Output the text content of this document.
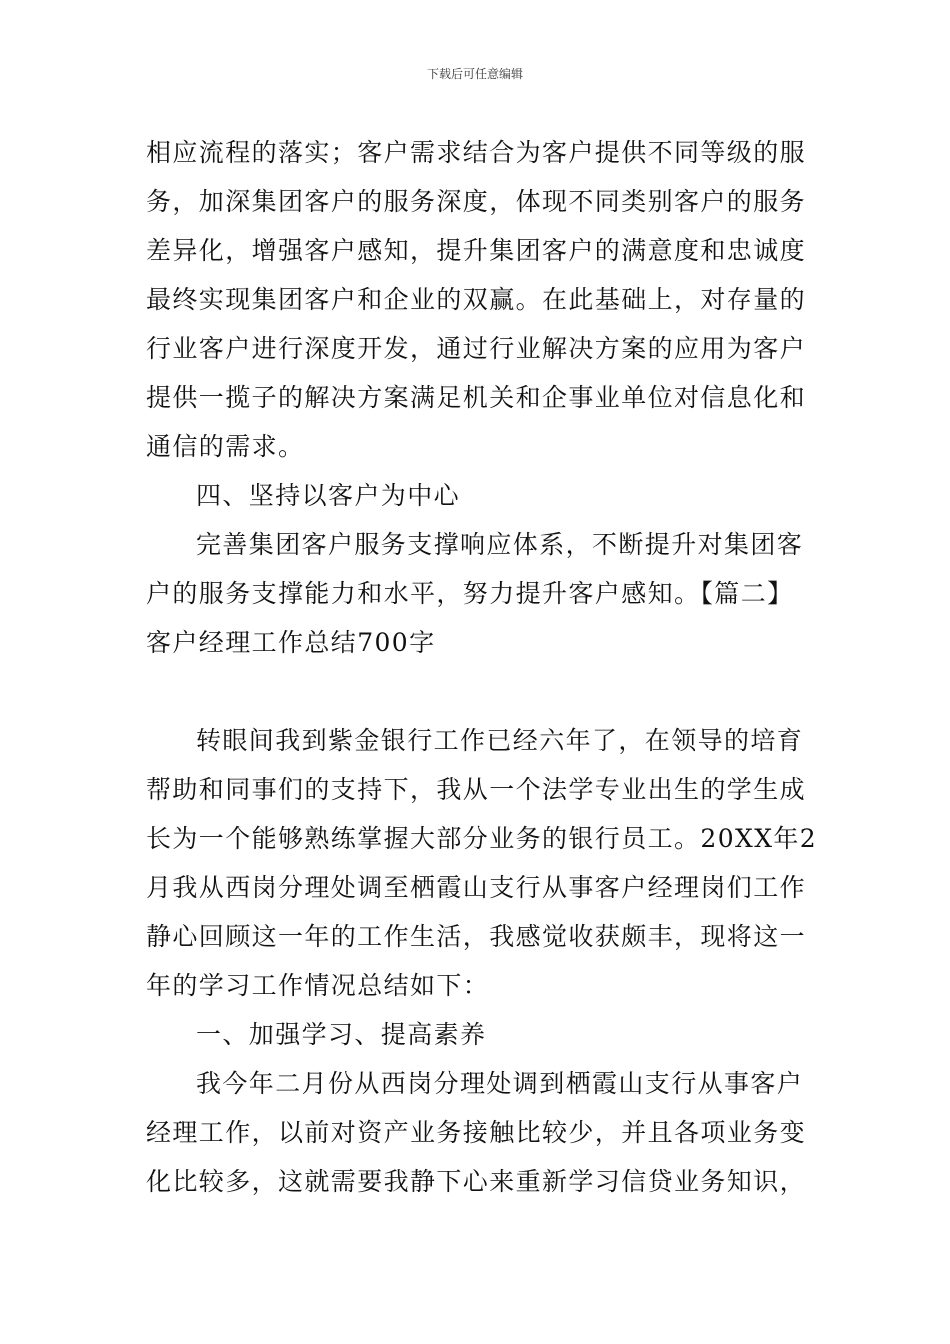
下载后可任意编辑
相应流程的落实；客户需求结合为客户提供不同等级的服
务，加深集团客户的服务深度，体现不同类别客户的服务
差异化，增强客户感知，提升集团客户的满意度和忠诚度
最终实现集团客户和企业的双赢。在此基础上，对存量的
行业客户进行深度开发，通过行业解决方案的应用为客户
提供一揽子的解决方案满足机关和企事业单位对信息化和
通信的需求。
四、坚持以客户为中心
完善集团客户服务支撑响应体系，不断提升对集团客
户的服务支撑能力和水平，努力提升客户感知。【篇二】
客户经理工作总结700字
转眼间我到紫金银行工作已经六年了，在领导的培育
帮助和同事们的支持下，我从一个法学专业出生的学生成
长为一个能够熟练掌握大部分业务的银行员工。20XX年2
月我从西岗分理处调至栖霞山支行从事客户经理岗们工作
静心回顾这一年的工作生活，我感觉收获颇丰，现将这一
年的学习工作情况总结如下：
一、加强学习、提高素养
我今年二月份从西岗分理处调到栖霞山支行从事客户
经理工作，以前对资产业务接触比较少，并且各项业务变
化比较多，这就需要我静下心来重新学习信贷业务知识，
